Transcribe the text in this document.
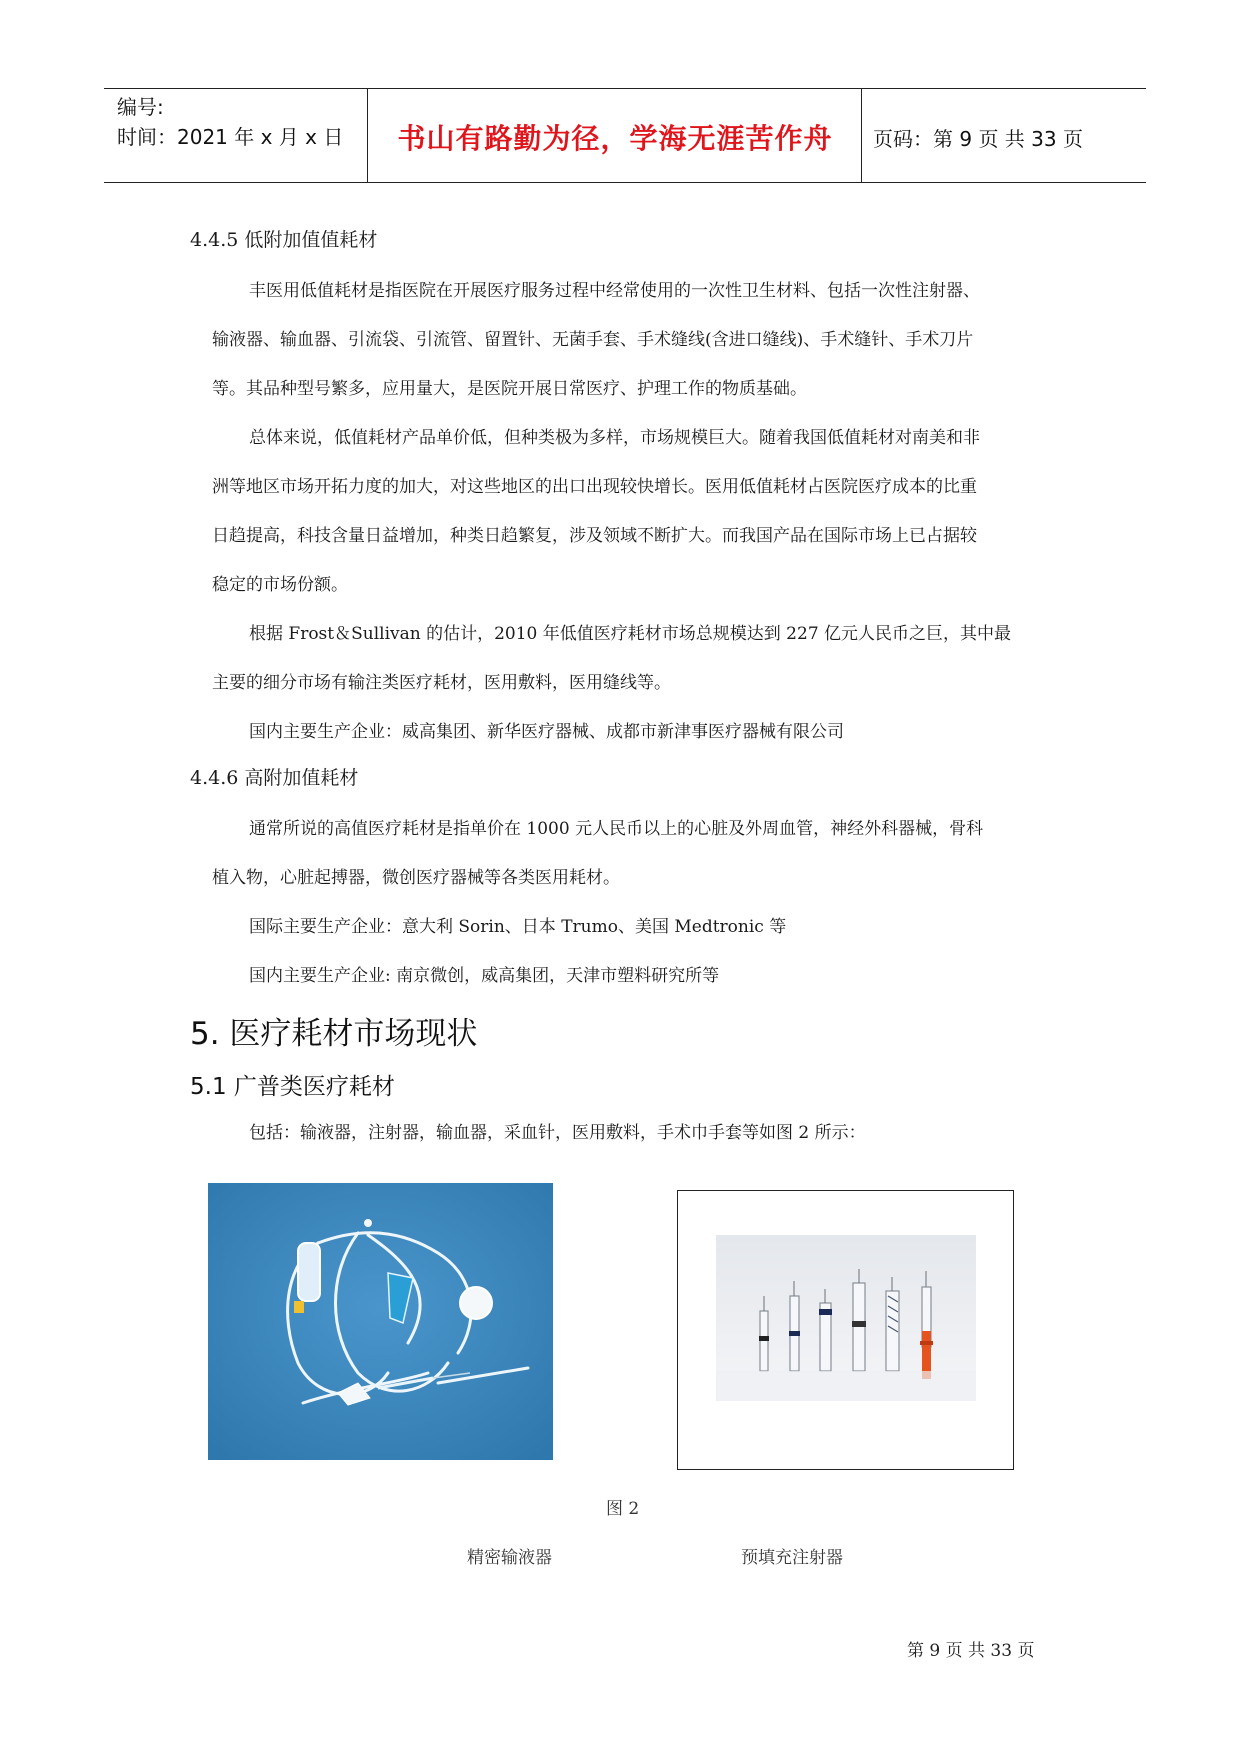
编号:
时间：2021 年 x 月 x 日	书山有路勤为径，学海无涯苦作舟	页码：第 9 页 共 33 页
4.4.5 低附加值值耗材
丰医用低值耗材是指医院在开展医疗服务过程中经常使用的一次性卫生材料、包括一次性注射器、
输液器、输血器、引流袋、引流管、留置针、无菌手套、手术缝线(含进口缝线)、手术缝针、手术刀片
等。其品种型号繁多，应用量大，是医院开展日常医疗、护理工作的物质基础。
总体来说，低值耗材产品单价低，但种类极为多样，市场规模巨大。随着我国低值耗材对南美和非
洲等地区市场开拓力度的加大，对这些地区的出口出现较快增长。医用低值耗材占医院医疗成本的比重
日趋提高，科技含量日益增加，种类日趋繁复，涉及领域不断扩大。而我国产品在国际市场上已占据较
稳定的市场份额。
根据 Frost＆Sullivan 的估计，2010 年低值医疗耗材市场总规模达到 227 亿元人民币之巨，其中最
主要的细分市场有输注类医疗耗材，医用敷料，医用缝线等。
国内主要生产企业：威高集团、新华医疗器械、成都市新津事医疗器械有限公司
4.4.6 高附加值耗材
通常所说的高值医疗耗材是指单价在 1000 元人民币以上的心脏及外周血管，神经外科器械，骨科
植入物，心脏起搏器，微创医疗器械等各类医用耗材。
国际主要生产企业：意大利 Sorin、日本 Trumo、美国 Medtronic 等
国内主要生产企业: 南京微创，威高集团，天津市塑料研究所等
5. 医疗耗材市场现状
5.1 广普类医疗耗材
包括：输液器，注射器，输血器，采血针，医用敷料，手术巾手套等如图 2 所示：
图 2
精密输液器	预填充注射器
第 9 页 共 33 页
